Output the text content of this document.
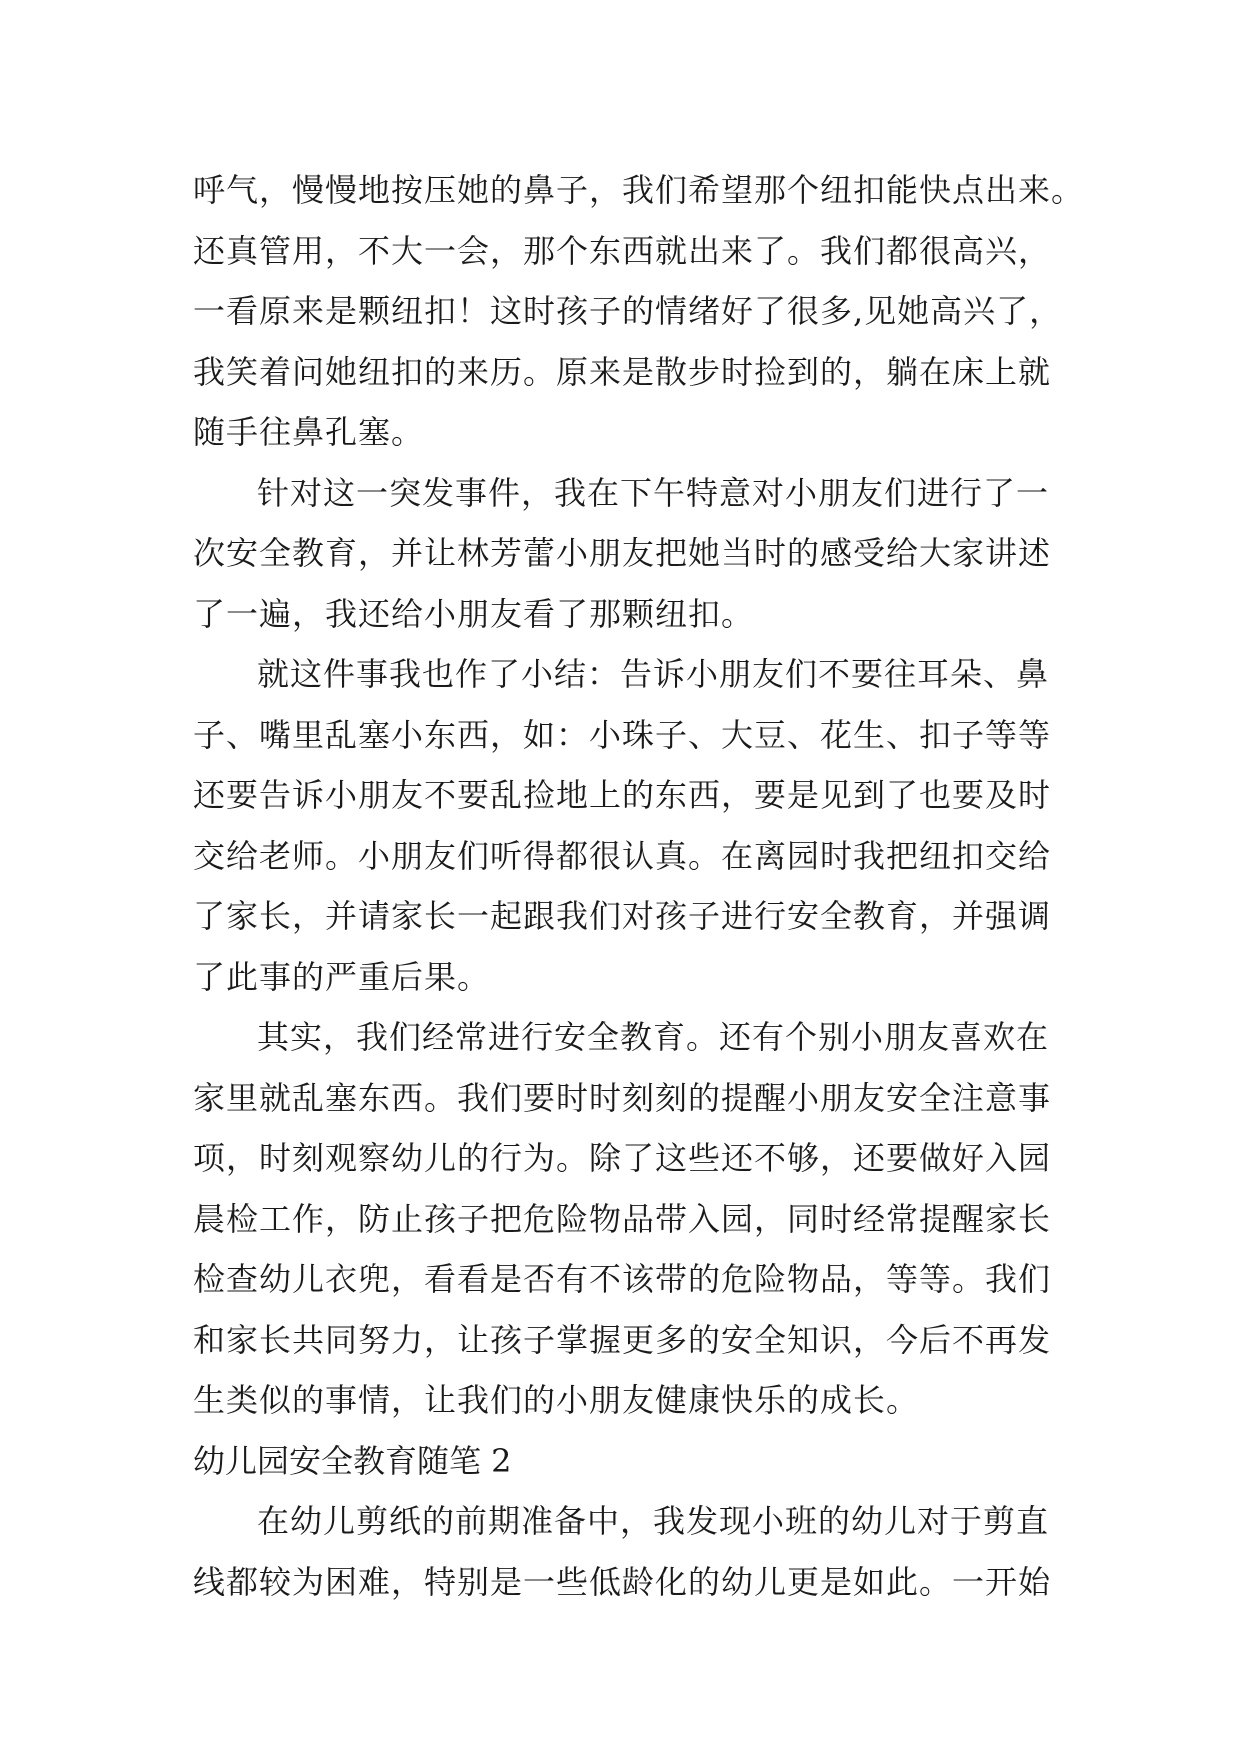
呼气，慢慢地按压她的鼻子，我们希望那个纽扣能快点出来。
还真管用，不大一会，那个东西就出来了。我们都很高兴，
一看原来是颗纽扣！这时孩子的情绪好了很多,见她高兴了，
我笑着问她纽扣的来历。原来是散步时捡到的，躺在床上就
随手往鼻孔塞。
针对这一突发事件，我在下午特意对小朋友们进行了一
次安全教育，并让林芳蕾小朋友把她当时的感受给大家讲述
了一遍，我还给小朋友看了那颗纽扣。
就这件事我也作了小结：告诉小朋友们不要往耳朵、鼻
子、嘴里乱塞小东西，如：小珠子、大豆、花生、扣子等等
还要告诉小朋友不要乱捡地上的东西，要是见到了也要及时
交给老师。小朋友们听得都很认真。在离园时我把纽扣交给
了家长，并请家长一起跟我们对孩子进行安全教育，并强调
了此事的严重后果。
其实，我们经常进行安全教育。还有个别小朋友喜欢在
家里就乱塞东西。我们要时时刻刻的提醒小朋友安全注意事
项，时刻观察幼儿的行为。除了这些还不够，还要做好入园
晨检工作，防止孩子把危险物品带入园，同时经常提醒家长
检查幼儿衣兜，看看是否有不该带的危险物品，等等。我们
和家长共同努力，让孩子掌握更多的安全知识，今后不再发
生类似的事情，让我们的小朋友健康快乐的成长。
幼儿园安全教育随笔 2
在幼儿剪纸的前期准备中，我发现小班的幼儿对于剪直
线都较为困难，特别是一些低龄化的幼儿更是如此。一开始
